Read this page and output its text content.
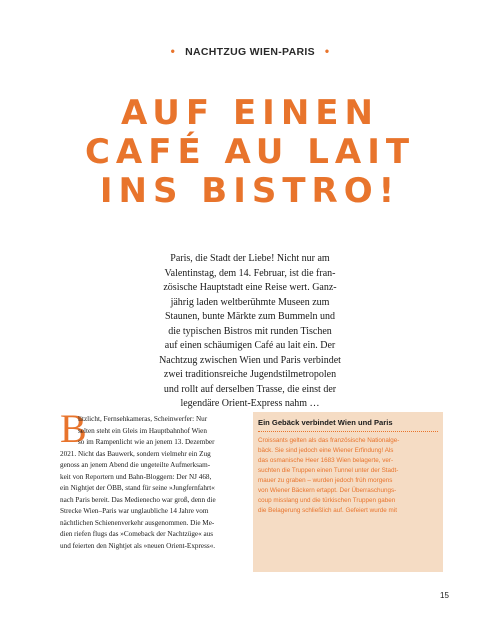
• NACHTZUG WIEN-PARIS •
AUF EINEN
CAFÉ AU LAIT
INS BISTRO!
Paris, die Stadt der Liebe! Nicht nur am
Valentinstag, dem 14. Februar, ist die fran-
zösische Hauptstadt eine Reise wert. Ganz-
jährig laden weltberühmte Museen zum
Staunen, bunte Märkte zum Bummeln und
die typischen Bistros mit runden Tischen
auf einen schäumigen Café au lait ein. Der
Nachtzug zwischen Wien und Paris verbindet
zwei traditionsreiche Jugendstilmetropolen
und rollt auf derselben Trasse, die einst der
legendäre Orient-Express nahm …
B
litzlicht, Fernsehkameras, Scheinwerfer: Nur
selten steht ein Gleis im Hauptbahnhof Wien
so im Rampenlicht wie an jenem 13. Dezember
2021. Nicht das Bauwerk, sondern vielmehr ein Zug
genoss an jenem Abend die ungeteilte Aufmerksam-
keit von Reportern und Bahn-Bloggern: Der NJ 468,
ein Nightjet der ÖBB, stand für seine »Jungfernfahrt«
nach Paris bereit. Das Medienecho war groß, denn die
Strecke Wien–Paris war unglaubliche 14 Jahre vom
nächtlichen Schienenverkehr ausgenommen. Die Me-
dien riefen flugs das »Comeback der Nachtzüge« aus
und feierten den Nightjet als »neuen Orient-Express«.
Ein Gebäck verbindet Wien und Paris
Croissants gelten als das französische Nationalge-
bäck. Sie sind jedoch eine Wiener Erfindung! Als
das osmanische Heer 1683 Wien belagerte, ver-
suchten die Truppen einen Tunnel unter der Stadt-
mauer zu graben – wurden jedoch früh morgens
von Wiener Bäckern ertappt. Der Überraschungs-
coup misslang und die türkischen Truppen gaben
die Belagerung schließlich auf. Gefeiert wurde mit
15
